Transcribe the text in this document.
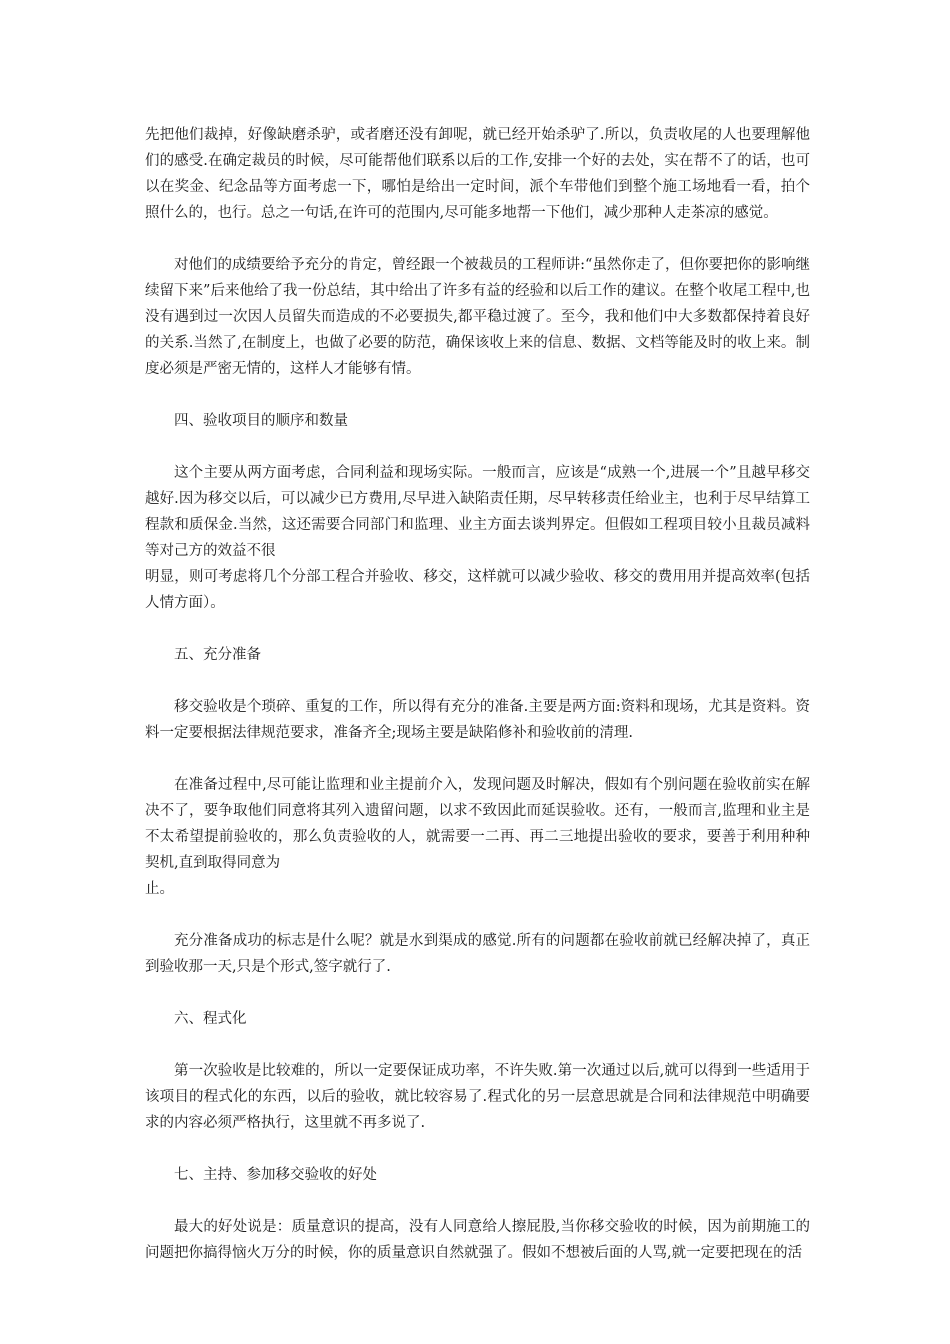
先把他们裁掉，好像缺磨杀驴，或者磨还没有卸呢，就已经开始杀驴了.所以，负责收尾的人也要理解他们的感受.在确定裁员的时候，尽可能帮他们联系以后的工作,安排一个好的去处，实在帮不了的话，也可以在奖金、纪念品等方面考虑一下，哪怕是给出一定时间，派个车带他们到整个施工场地看一看，拍个照什么的，也行。总之一句话,在许可的范围内,尽可能多地帮一下他们，减少那种人走茶凉的感觉。

对他们的成绩要给予充分的肯定，曾经跟一个被裁员的工程师讲:“虽然你走了，但你要把你的影响继续留下来”后来他给了我一份总结，其中给出了许多有益的经验和以后工作的建议。在整个收尾工程中,也没有遇到过一次因人员留失而造成的不必要损失,都平稳过渡了。至今，我和他们中大多数都保持着良好的关系.当然了,在制度上，也做了必要的防范，确保该收上来的信息、数据、文档等能及时的收上来。制度必须是严密无情的，这样人才能够有情。

四、验收项目的顺序和数量

这个主要从两方面考虑，合同利益和现场实际。一般而言，应该是“成熟一个,进展一个”且越早移交越好.因为移交以后，可以减少已方费用,尽早进入缺陷责任期，尽早转移责任给业主，也利于尽早结算工程款和质保金.当然，这还需要合同部门和监理、业主方面去谈判界定。但假如工程项目较小且裁员减料等对己方的效益不很

明显，则可考虑将几个分部工程合并验收、移交，这样就可以减少验收、移交的费用用并提高效率(包括人情方面）。

五、充分准备

移交验收是个琐碎、重复的工作，所以得有充分的准备.主要是两方面:资料和现场，尤其是资料。资料一定要根据法律规范要求，准备齐全;现场主要是缺陷修补和验收前的清理.

在准备过程中,尽可能让监理和业主提前介入，发现问题及时解决，假如有个别问题在验收前实在解决不了，要争取他们同意将其列入遗留问题，以求不致因此而延误验收。还有，一般而言,监理和业主是不太希望提前验收的，那么负责验收的人，就需要一二再、再二三地提出验收的要求，要善于利用种种契机,直到取得同意为

止。

充分准备成功的标志是什么呢？就是水到渠成的感觉.所有的问题都在验收前就已经解决掉了，真正到验收那一天,只是个形式,签字就行了.

六、程式化

第一次验收是比较难的，所以一定要保证成功率，不许失败.第一次通过以后,就可以得到一些适用于该项目的程式化的东西，以后的验收，就比较容易了.程式化的另一层意思就是合同和法律规范中明确要求的内容必须严格执行，这里就不再多说了.

七、主持、参加移交验收的好处

最大的好处说是：质量意识的提高，没有人同意给人擦屁股,当你移交验收的时候，因为前期施工的问题把你搞得恼火万分的时候，你的质量意识自然就强了。假如不想被后面的人骂,就一定要把现在的活
